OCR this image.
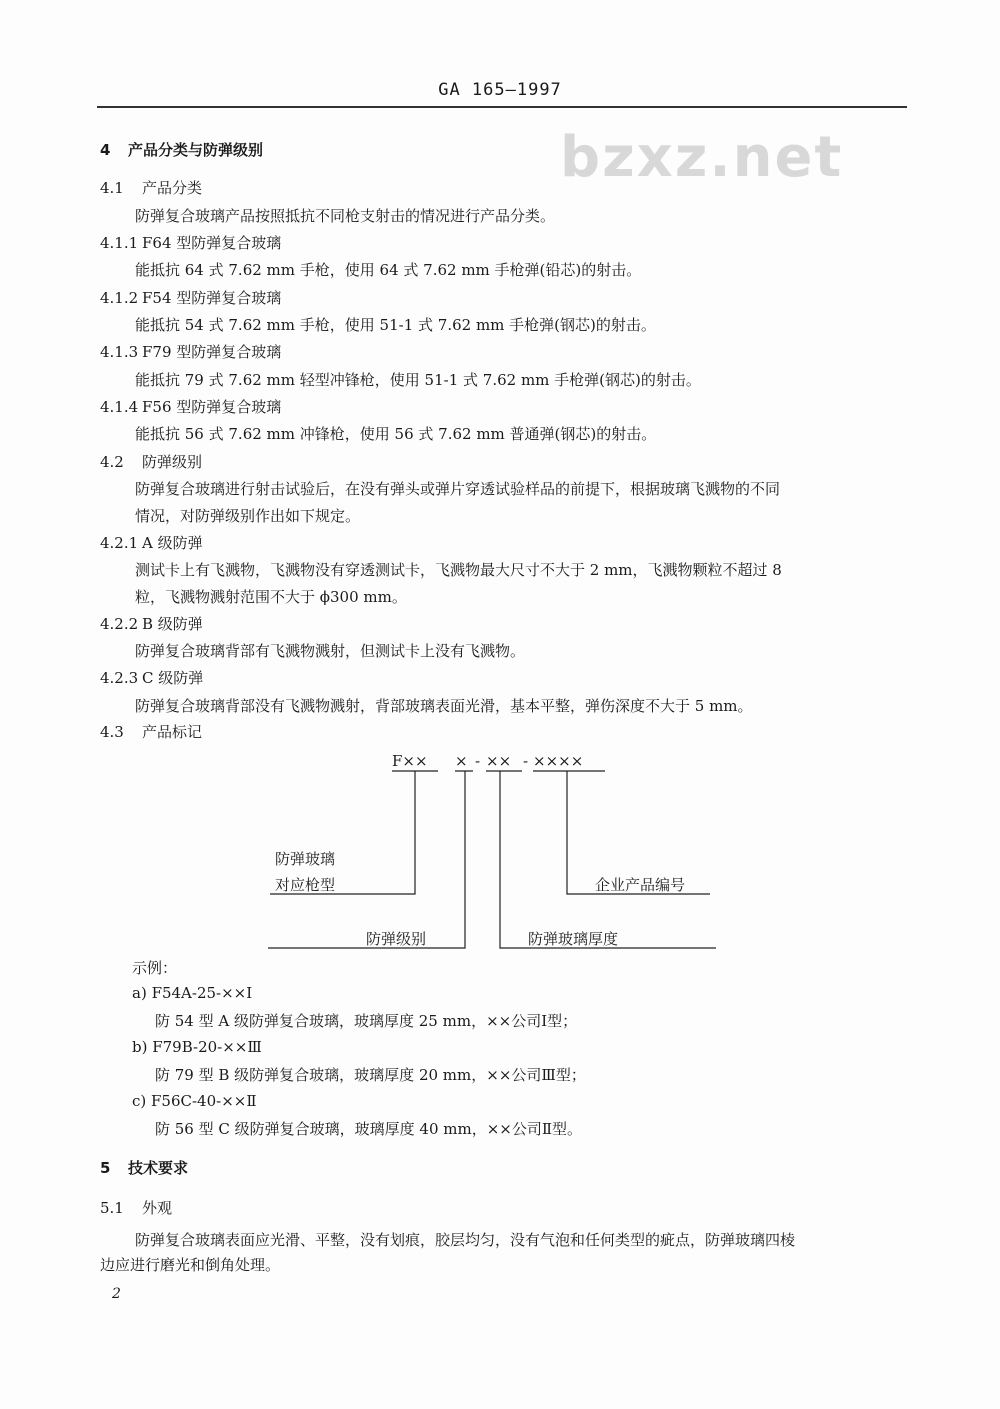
GA 165—1997
bzxz.net
4 产品分类与防弹级别
4.1 产品分类
防弹复合玻璃产品按照抵抗不同枪支射击的情况进行产品分类。
4.1.1 F64 型防弹复合玻璃
能抵抗 64 式 7.62 mm 手枪，使用 64 式 7.62 mm 手枪弹(铅芯)的射击。
4.1.2 F54 型防弹复合玻璃
能抵抗 54 式 7.62 mm 手枪，使用 51-1 式 7.62 mm 手枪弹(钢芯)的射击。
4.1.3 F79 型防弹复合玻璃
能抵抗 79 式 7.62 mm 轻型冲锋枪，使用 51-1 式 7.62 mm 手枪弹(钢芯)的射击。
4.1.4 F56 型防弹复合玻璃
能抵抗 56 式 7.62 mm 冲锋枪，使用 56 式 7.62 mm 普通弹(钢芯)的射击。
4.2 防弹级别
防弹复合玻璃进行射击试验后，在没有弹头或弹片穿透试验样品的前提下，根据玻璃飞溅物的不同
情况，对防弹级别作出如下规定。
4.2.1 A 级防弹
测试卡上有飞溅物，飞溅物没有穿透测试卡，飞溅物最大尺寸不大于 2 mm，飞溅物颗粒不超过 8
粒，飞溅物溅射范围不大于 ϕ300 mm。
4.2.2 B 级防弹
防弹复合玻璃背部有飞溅物溅射，但测试卡上没有飞溅物。
4.2.3 C 级防弹
防弹复合玻璃背部没有飞溅物溅射，背部玻璃表面光滑，基本平整，弹伤深度不大于 5 mm。
4.3 产品标记
F×× × - ×× - ××××
防弹玻璃
对应枪型
防弹级别	防弹玻璃厚度
企业产品编号
示例：
a) F54A-25-××Ⅰ
防 54 型 A 级防弹复合玻璃，玻璃厚度 25 mm，××公司Ⅰ型；
b) F79B-20-××Ⅲ
防 79 型 B 级防弹复合玻璃，玻璃厚度 20 mm，××公司Ⅲ型；
c) F56C-40-××Ⅱ
防 56 型 C 级防弹复合玻璃，玻璃厚度 40 mm，××公司Ⅱ型。
5 技术要求
5.1 外观
防弹复合玻璃表面应光滑、平整，没有划痕，胶层均匀，没有气泡和任何类型的疵点，防弹玻璃四棱
边应进行磨光和倒角处理。
2
